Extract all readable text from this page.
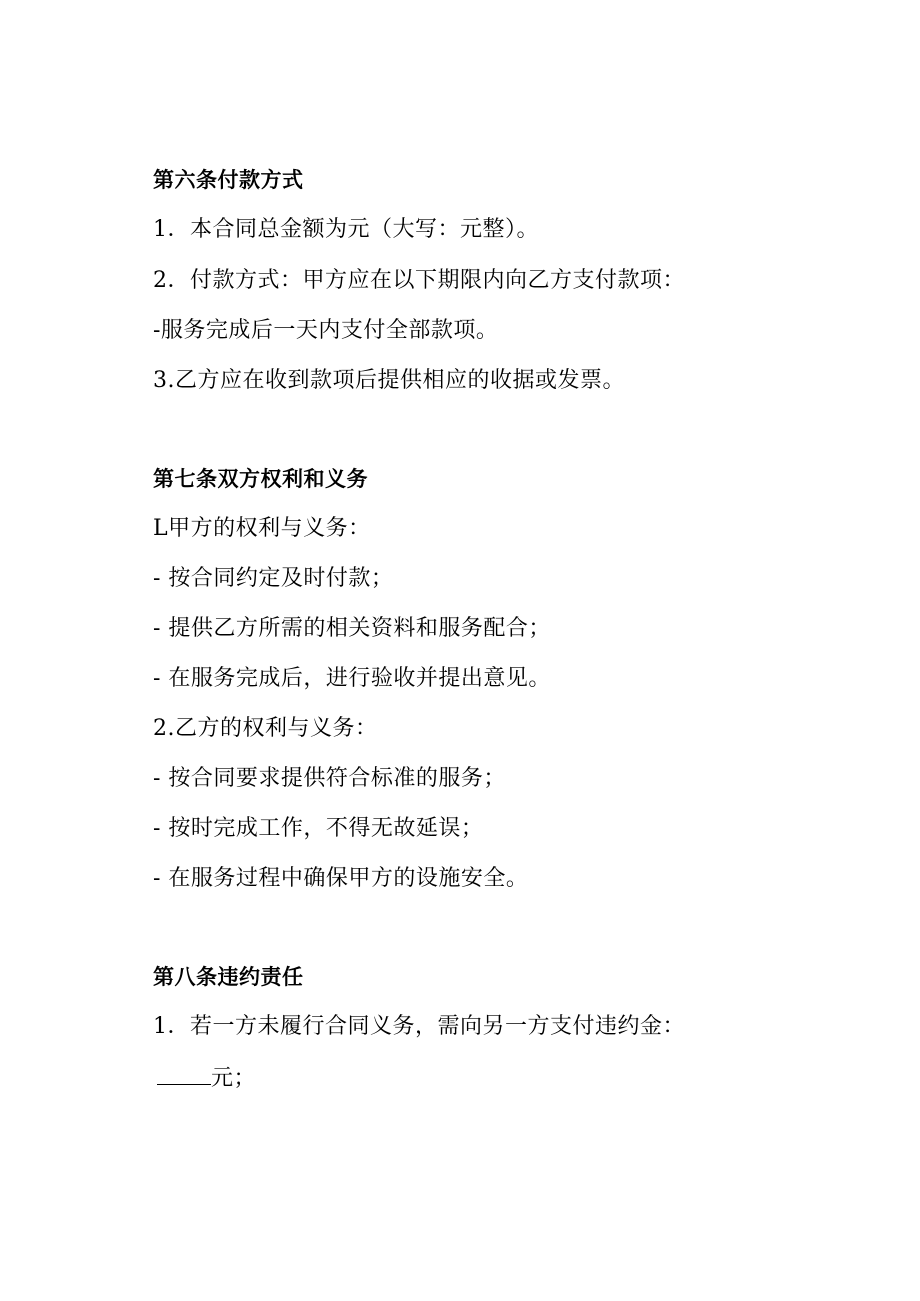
第六条付款方式
1．本合同总金额为元（大写：元整）。
2．付款方式：甲方应在以下期限内向乙方支付款项：
-服务完成后一天内支付全部款项。
3.乙方应在收到款项后提供相应的收据或发票。
第七条双方权利和义务
L甲方的权利与义务：
- 按合同约定及时付款；
- 提供乙方所需的相关资料和服务配合；
- 在服务完成后，进行验收并提出意见。
2.乙方的权利与义务：
- 按合同要求提供符合标准的服务；
- 按时完成工作，不得无故延误；
- 在服务过程中确保甲方的设施安全。
第八条违约责任
1．若一方未履行合同义务，需向另一方支付违约金：
元；
